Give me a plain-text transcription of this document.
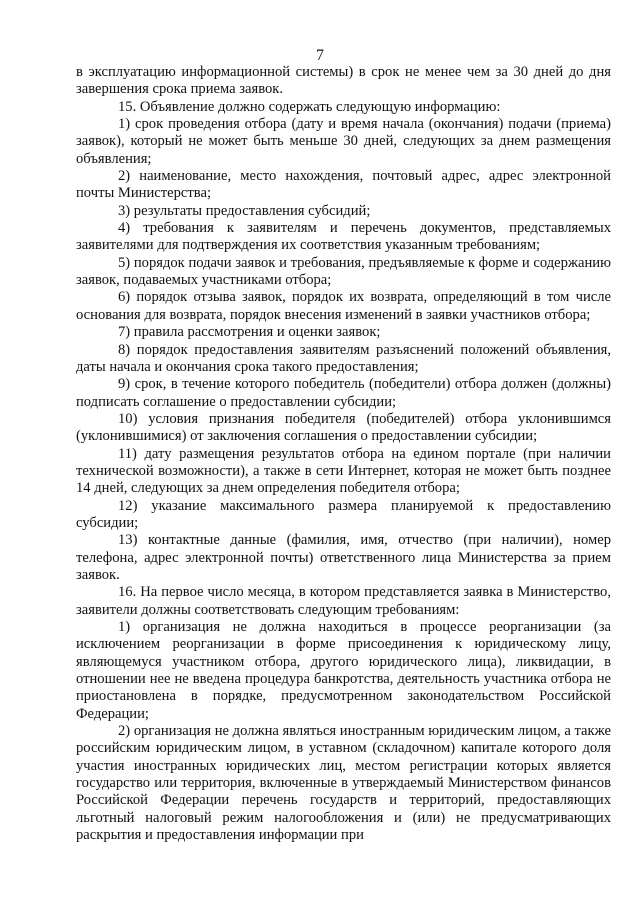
7

в эксплуатацию информационной системы) в срок не менее чем за 30 дней до дня завершения срока приема заявок.

15. Объявление должно содержать следующую информацию:

1) срок проведения отбора (дату и время начала (окончания) подачи (приема) заявок), который не может быть меньше 30 дней, следующих за днем размещения объявления;

2) наименование, место нахождения, почтовый адрес, адрес электронной почты Министерства;

3) результаты предоставления субсидий;

4) требования к заявителям и перечень документов, представляемых заявителями для подтверждения их соответствия указанным требованиям;

5) порядок подачи заявок и требования, предъявляемые к форме и содержанию заявок, подаваемых участниками отбора;

6) порядок отзыва заявок, порядок их возврата, определяющий в том числе основания для возврата, порядок внесения изменений в заявки участников отбора;

7) правила рассмотрения и оценки заявок;

8) порядок предоставления заявителям разъяснений положений объявления, даты начала и окончания срока такого предоставления;

9) срок, в течение которого победитель (победители) отбора должен (должны) подписать соглашение о предоставлении субсидии;

10) условия признания победителя (победителей) отбора уклонившимся (уклонившимися) от заключения соглашения о предоставлении субсидии;

11) дату размещения результатов отбора на едином портале (при наличии технической возможности), а также в сети Интернет, которая не может быть позднее 14 дней, следующих за днем определения победителя отбора;

12) указание максимального размера планируемой к предоставлению субсидии;

13) контактные данные (фамилия, имя, отчество (при наличии), номер телефона, адрес электронной почты) ответственного лица Министерства за прием заявок.

16. На первое число месяца, в котором представляется заявка в Министерство, заявители должны соответствовать следующим требованиям:

1) организация не должна находиться в процессе реорганизации (за исключением реорганизации в форме присоединения к юридическому лицу, являющемуся участником отбора, другого юридического лица), ликвидации, в отношении нее не введена процедура банкротства, деятельность участника отбора не приостановлена в порядке, предусмотренном законодательством Российской Федерации;

2) организация не должна являться иностранным юридическим лицом, а также российским юридическим лицом, в уставном (складочном) капитале которого доля участия иностранных юридических лиц, местом регистрации которых является государство или территория, включенные в утверждаемый Министерством финансов Российской Федерации перечень государств и территорий, предоставляющих льготный налоговый режим налогообложения и (или) не предусматривающих раскрытия и предоставления информации при
